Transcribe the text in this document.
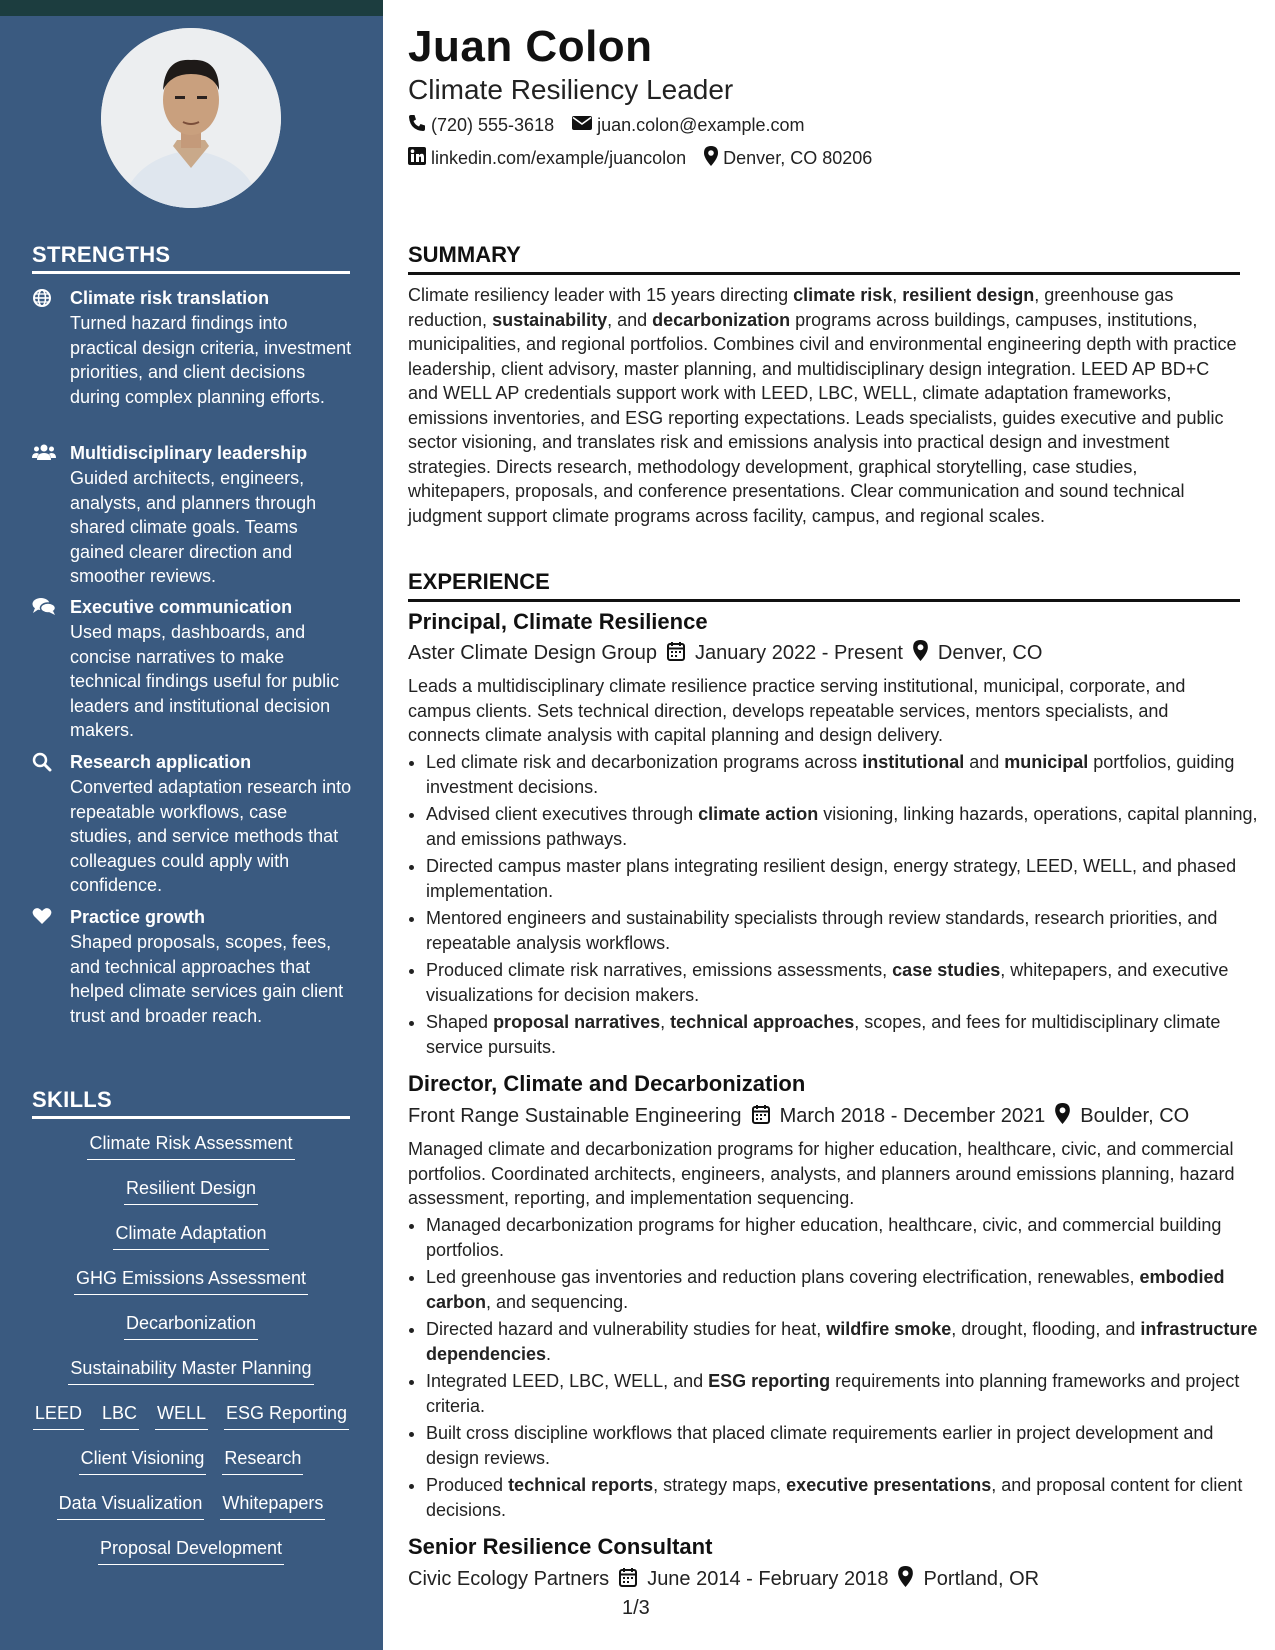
STRENGTHS
Climate risk translation
Turned hazard findings into practical design criteria, investment priorities, and client decisions during complex planning efforts.
Multidisciplinary leadership
Guided architects, engineers, analysts, and planners through shared climate goals. Teams gained clearer direction and smoother reviews.
Executive communication
Used maps, dashboards, and concise narratives to make technical findings useful for public leaders and institutional decision makers.
Research application
Converted adaptation research into repeatable workflows, case studies, and service methods that colleagues could apply with confidence.
Practice growth
Shaped proposals, scopes, fees, and technical approaches that helped climate services gain client trust and broader reach.
SKILLS
Climate Risk Assessment
Resilient Design
Climate Adaptation
GHG Emissions Assessment
Decarbonization
Sustainability Master Planning
LEED LBC WELL ESG Reporting
Client Visioning Research
Data Visualization Whitepapers
Proposal Development
Juan Colon
Climate Resiliency Leader
(720) 555-3618 juan.colon@example.com
linkedin.com/example/juancolon Denver, CO 80206
SUMMARY
Climate resiliency leader with 15 years directing climate risk, resilient design, greenhouse gas reduction, sustainability, and decarbonization programs across buildings, campuses, institutions, municipalities, and regional portfolios. Combines civil and environmental engineering depth with practice leadership, client advisory, master planning, and multidisciplinary design integration. LEED AP BD+C and WELL AP credentials support work with LEED, LBC, WELL, climate adaptation frameworks, emissions inventories, and ESG reporting expectations. Leads specialists, guides executive and public sector visioning, and translates risk and emissions analysis into practical design and investment strategies. Directs research, methodology development, graphical storytelling, case studies, whitepapers, proposals, and conference presentations. Clear communication and sound technical judgment support climate programs across facility, campus, and regional scales.
EXPERIENCE
Principal, Climate Resilience
Aster Climate Design Group January 2022 - Present Denver, CO
Leads a multidisciplinary climate resilience practice serving institutional, municipal, corporate, and campus clients. Sets technical direction, develops repeatable services, mentors specialists, and connects climate analysis with capital planning and design delivery.
• Led climate risk and decarbonization programs across institutional and municipal portfolios, guiding investment decisions.
• Advised client executives through climate action visioning, linking hazards, operations, capital planning, and emissions pathways.
• Directed campus master plans integrating resilient design, energy strategy, LEED, WELL, and phased implementation.
• Mentored engineers and sustainability specialists through review standards, research priorities, and repeatable analysis workflows.
• Produced climate risk narratives, emissions assessments, case studies, whitepapers, and executive visualizations for decision makers.
• Shaped proposal narratives, technical approaches, scopes, and fees for multidisciplinary climate service pursuits.
Director, Climate and Decarbonization
Front Range Sustainable Engineering March 2018 - December 2021 Boulder, CO
Managed climate and decarbonization programs for higher education, healthcare, civic, and commercial portfolios. Coordinated architects, engineers, analysts, and planners around emissions planning, hazard assessment, reporting, and implementation sequencing.
• Managed decarbonization programs for higher education, healthcare, civic, and commercial building portfolios.
• Led greenhouse gas inventories and reduction plans covering electrification, renewables, embodied carbon, and sequencing.
• Directed hazard and vulnerability studies for heat, wildfire smoke, drought, flooding, and infrastructure dependencies.
• Integrated LEED, LBC, WELL, and ESG reporting requirements into planning frameworks and project criteria.
• Built cross discipline workflows that placed climate requirements earlier in project development and design reviews.
• Produced technical reports, strategy maps, executive presentations, and proposal content for client decisions.
Senior Resilience Consultant
Civic Ecology Partners June 2014 - February 2018 Portland, OR
1/3
